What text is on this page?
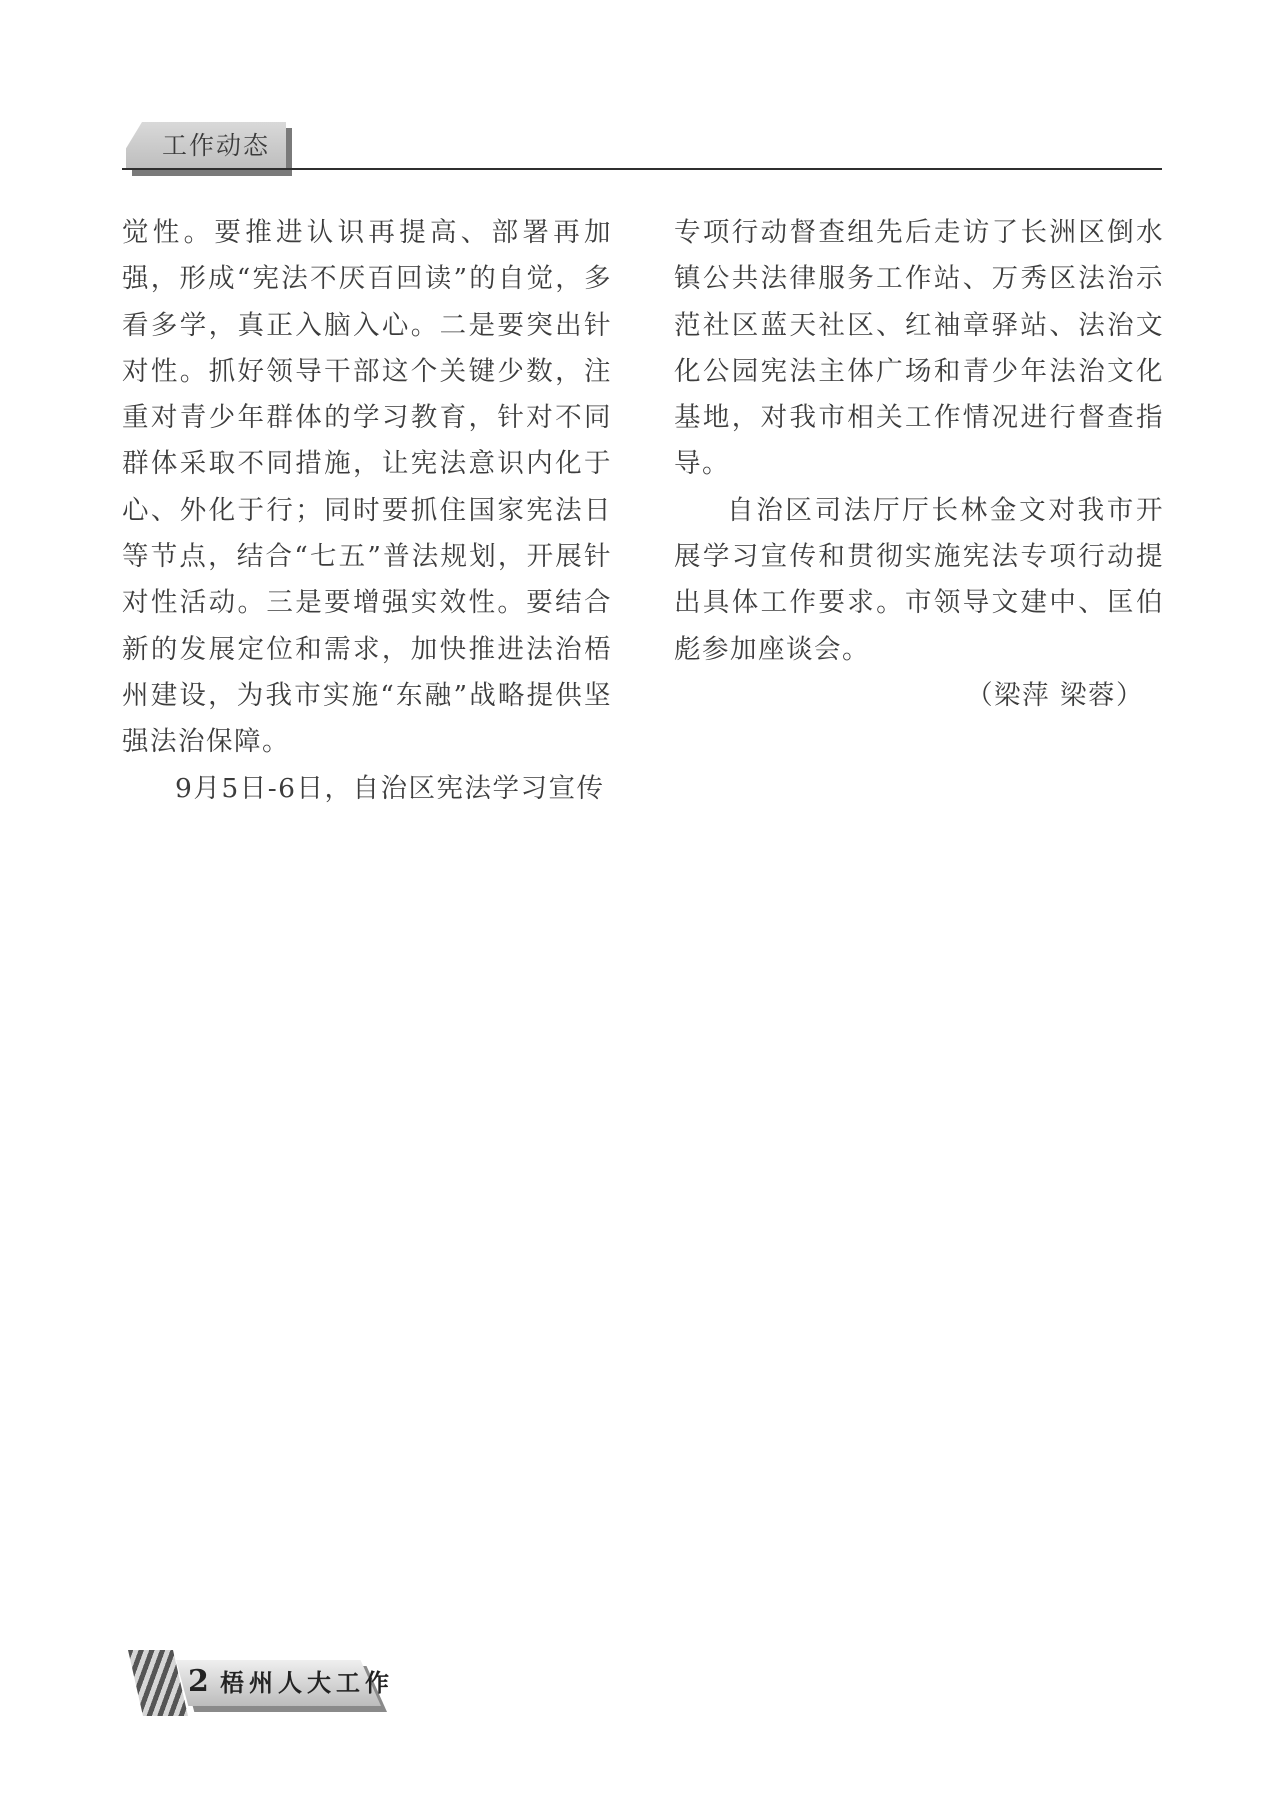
工作动态

觉性。要推进认识再提高、部署再加强，形成“宪法不厌百回读”的自觉，多看多学，真正入脑入心。二是要突出针对性。抓好领导干部这个关键少数，注重对青少年群体的学习教育，针对不同群体采取不同措施，让宪法意识内化于心、外化于行；同时要抓住国家宪法日等节点，结合“七五”普法规划，开展针对性活动。三是要增强实效性。要结合新的发展定位和需求，加快推进法治梧州建设，为我市实施“东融”战略提供坚强法治保障。

9月5日-6日，自治区宪法学习宣传

专项行动督查组先后走访了长洲区倒水镇公共法律服务工作站、万秀区法治示范社区蓝天社区、红袖章驿站、法治文化公园宪法主体广场和青少年法治文化基地，对我市相关工作情况进行督查指导。

自治区司法厅厅长林金文对我市开展学习宣传和贯彻实施宪法专项行动提出具体工作要求。市领导文建中、匡伯彪参加座谈会。

（梁萍 梁蓉）

2 梧州人大工作
